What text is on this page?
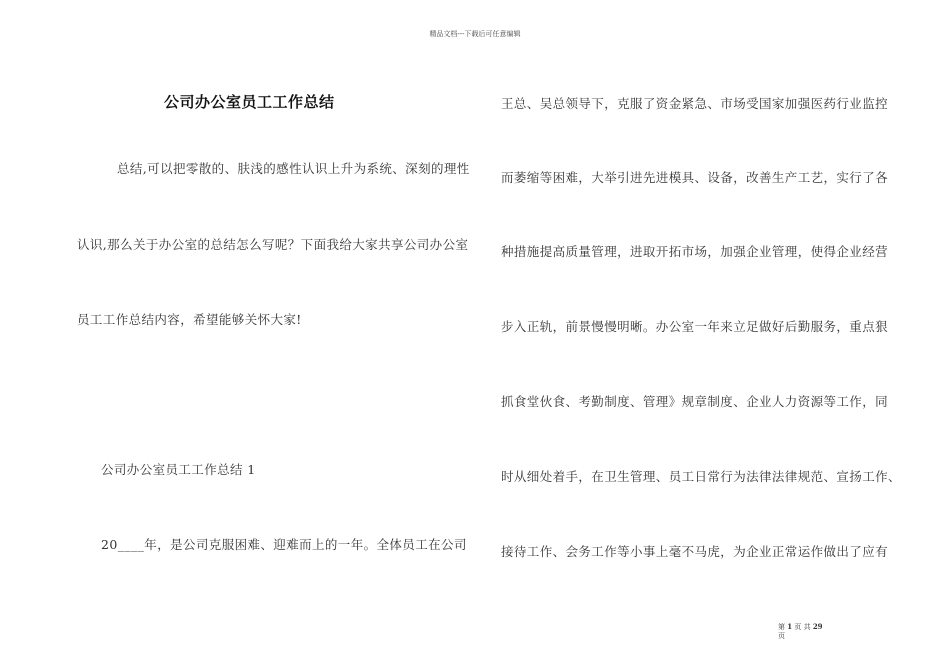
精品文档---下载后可任意编辑
公司办公室员工工作总结
总结,可以把零散的、肤浅的感性认识上升为系统、深刻的理性
认识,那么关于办公室的总结怎么写呢？下面我给大家共享公司办公室
员工工作总结内容，希望能够关怀大家!
公司办公室员工工作总结 1
20____年，是公司克服困难、迎难而上的一年。全体员工在公司
王总、吴总领导下，克服了资金紧急、市场受国家加强医药行业监控
而萎缩等困难，大举引进先进模具、设备，改善生产工艺，实行了各
种措施提高质量管理，进取开拓市场，加强企业管理，使得企业经营
步入正轨，前景慢慢明晰。办公室一年来立足做好后勤服务，重点狠
抓食堂伙食、考勤制度、管理》规章制度、企业人力资源等工作，同
时从细处着手，在卫生管理、员工日常行为法律法律规范、宣扬工作、
接待工作、会务工作等小事上毫不马虎，为企业正常运作做出了应有
第 1 页 共 29
页
